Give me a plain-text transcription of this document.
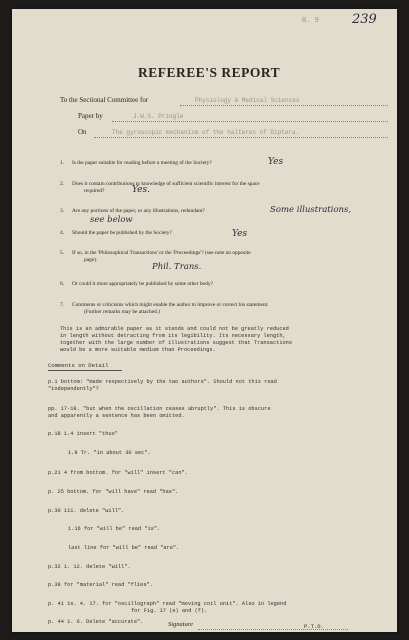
R. 9	239
REFEREE'S REPORT
To the Sectional Committee for	Physiology & Medical Sciences
Paper by	J.W.S. Pringle
On	The gyroscopic mechanism of the halteres of Diptera.
1. Is the paper suitable for reading before a meeting of the Society?	Yes
2. Does it contain contributions to knowledge of sufficient scientific interest for the space
required?	Yes.
3. Are any portions of the paper, or any illustrations, redundant?	Some illustrations,
see below
4. Should the paper be published by the Society?	Yes
5. If so, in the 'Philosophical Transactions' or the 'Proceedings'? (see note on opposite
page).
Phil. Trans.
6. Or could it more appropriately be published by some other body?
7. Comments or criticisms which might enable the author to improve or correct his statement.
(Further remarks may be attached.)
This is an admirable paper as it stands and could not be greatly reduced
in length without detracting from its legibility. Its necessary length,
together with the large number of illustrations suggest that Transactions
would be a more suitable medium than Proceedings.
Comments on Detail
p.1 bottom: "made respectively by the two authors". Should not this read
"independently"?
pp. 17-18. "but when the oscillation ceases abruptly". This is obscure
and apparently a sentence has been omitted.
p.18 1.4 insert "thus"
1.8 Tr. "in about 30 sec".
p.21 4 from bottom. for "will" insert "can".
p. 25 bottom. for "will have" read "has".
p.30 111. delete "will".
1.16 for "will be" read "is".
last line for "will be" read "are".
p.32 1. 12. delete "will".
p.38 for "material" read "flies".
p. 41 1s. 4. 17. for "oscillograph" read "moving coil unit". Also in legend
for Fig. 17 (e) and (f).
p. 44 1. 6. Delete "accurate".	Signature	P.T.O.
